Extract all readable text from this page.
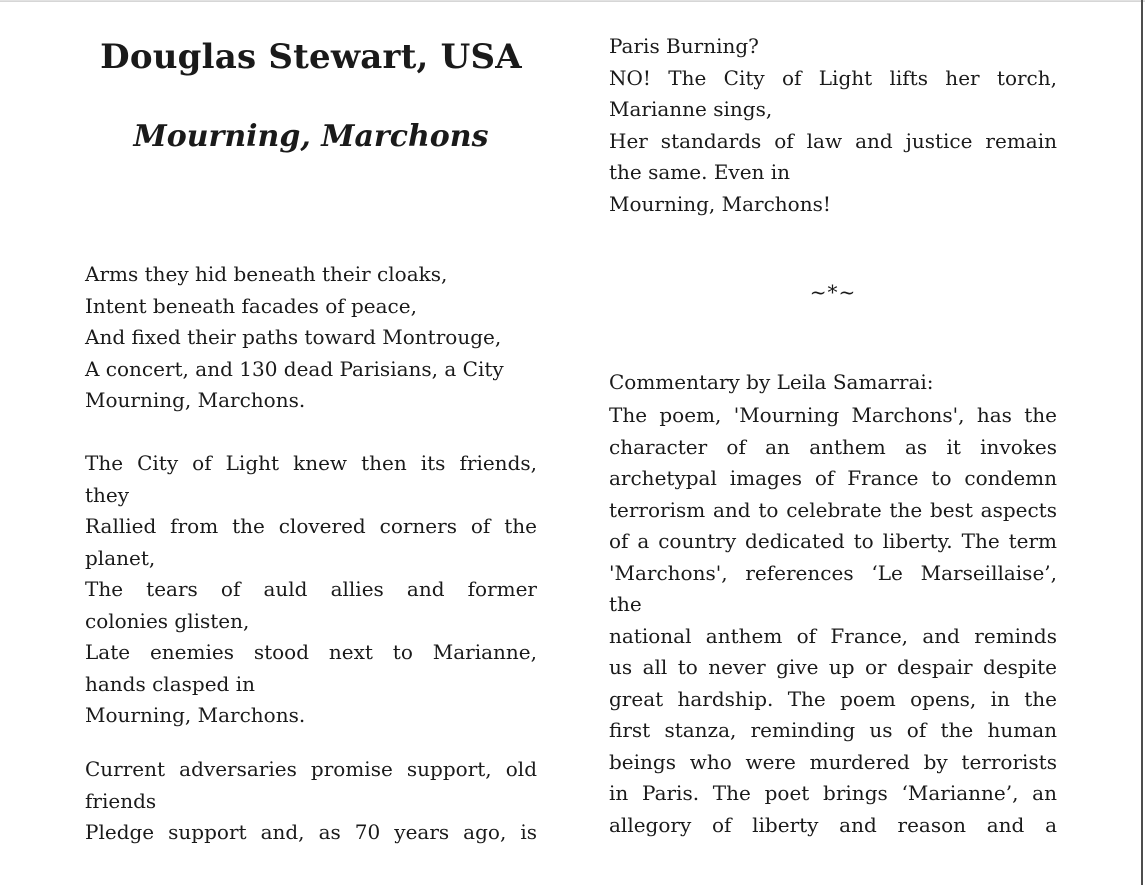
Douglas Stewart, USA
Mourning, Marchons
Arms they hid beneath their cloaks,
Intent beneath facades of peace,
And fixed their paths toward Montrouge,
A concert, and 130 dead Parisians, a City
Mourning, Marchons.
The City of Light knew then its friends,
they
Rallied from the clovered corners of the
planet,
The tears of auld allies and former
colonies glisten,
Late enemies stood next to Marianne,
hands clasped in
Mourning, Marchons.
Current adversaries promise support, old
friends
Pledge support and, as 70 years ago, is
Paris Burning?
NO! The City of Light lifts her torch,
Marianne sings,
Her standards of law and justice remain
the same. Even in
Mourning, Marchons!
~*~
Commentary by Leila Samarrai:
The poem, 'Mourning Marchons', has the
character of an anthem as it invokes
archetypal images of France to condemn
terrorism and to celebrate the best aspects
of a country dedicated to liberty. The term
'Marchons', references ‘Le Marseillaise’, the
national anthem of France, and reminds
us all to never give up or despair despite
great hardship. The poem opens, in the
first stanza, reminding us of the human
beings who were murdered by terrorists
in Paris. The poet brings ‘Marianne’, an
allegory of liberty and reason and a
